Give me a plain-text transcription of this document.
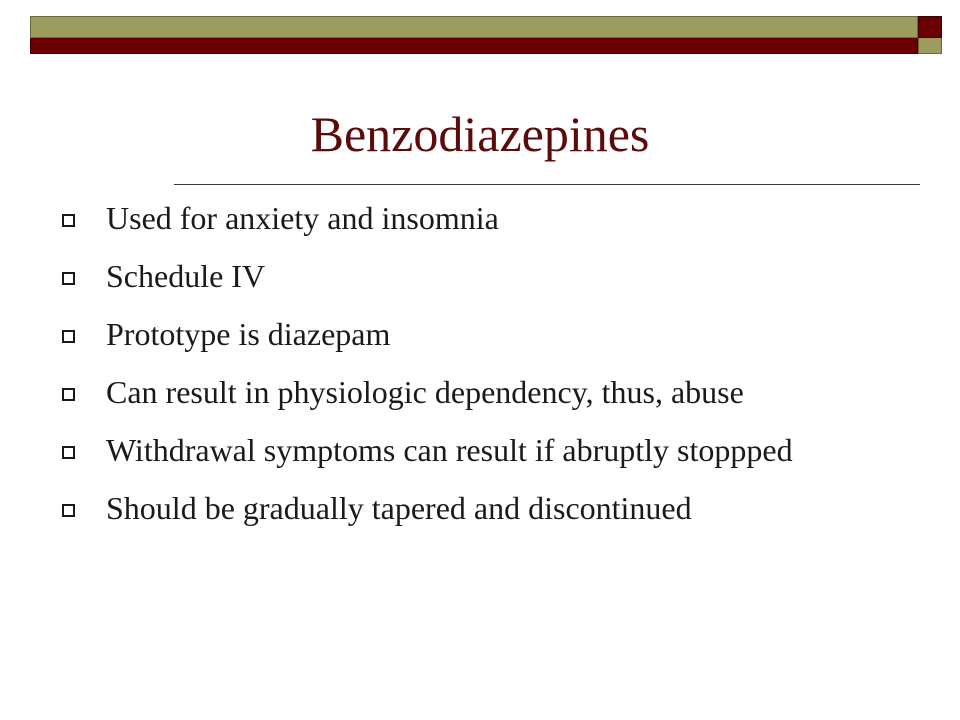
Benzodiazepines
Used for anxiety and insomnia
Schedule IV
Prototype is diazepam
Can result in physiologic dependency, thus, abuse
Withdrawal symptoms can result if abruptly stoppped
Should be gradually tapered and discontinued
